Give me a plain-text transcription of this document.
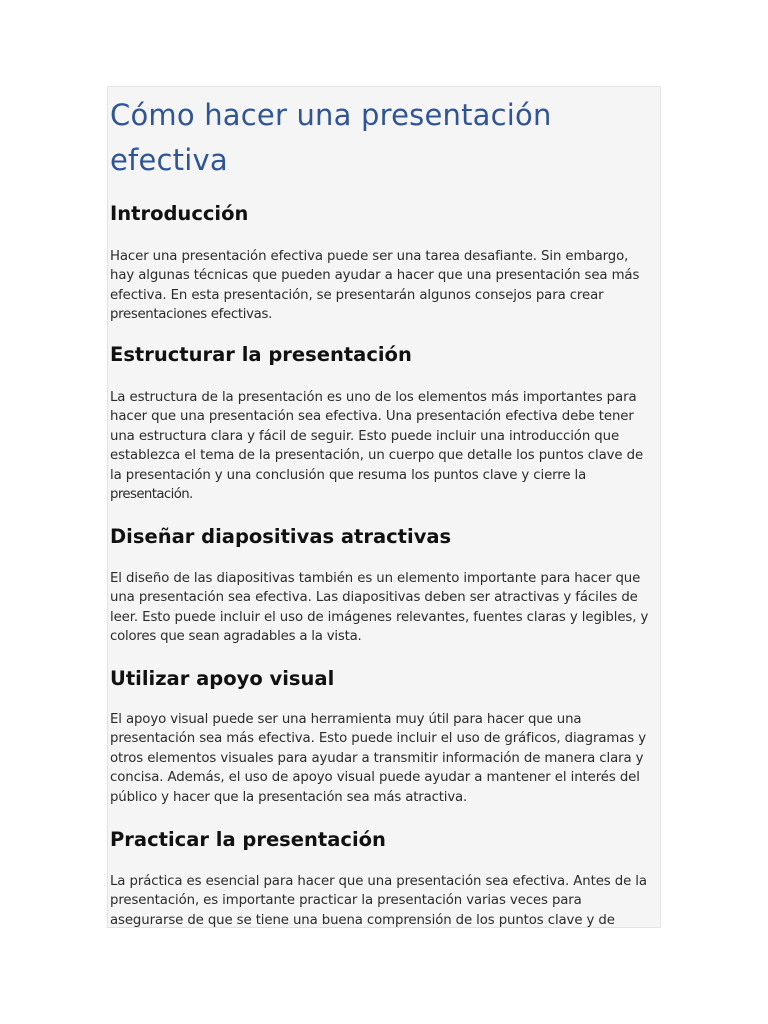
Cómo hacer una presentación
efectiva
Introducción

Hacer una presentación efectiva puede ser una tarea desafiante. Sin embargo,
hay algunas técnicas que pueden ayudar a hacer que una presentación sea más
efectiva. En esta presentación, se presentarán algunos consejos para crear
presentaciones efectivas.

Estructurar la presentación

La estructura de la presentación es uno de los elementos más importantes para
hacer que una presentación sea efectiva. Una presentación efectiva debe tener
una estructura clara y fácil de seguir. Esto puede incluir una introducción que
establezca el tema de la presentación, un cuerpo que detalle los puntos clave de
la presentación y una conclusión que resuma los puntos clave y cierre la
presentación.

Diseñar diapositivas atractivas

El diseño de las diapositivas también es un elemento importante para hacer que
una presentación sea efectiva. Las diapositivas deben ser atractivas y fáciles de
leer. Esto puede incluir el uso de imágenes relevantes, fuentes claras y legibles, y
colores que sean agradables a la vista.

Utilizar apoyo visual

El apoyo visual puede ser una herramienta muy útil para hacer que una
presentación sea más efectiva. Esto puede incluir el uso de gráficos, diagramas y
otros elementos visuales para ayudar a transmitir información de manera clara y
concisa. Además, el uso de apoyo visual puede ayudar a mantener el interés del
público y hacer que la presentación sea más atractiva.

Practicar la presentación

La práctica es esencial para hacer que una presentación sea efectiva. Antes de la
presentación, es importante practicar la presentación varias veces para
asegurarse de que se tiene una buena comprensión de los puntos clave y de
